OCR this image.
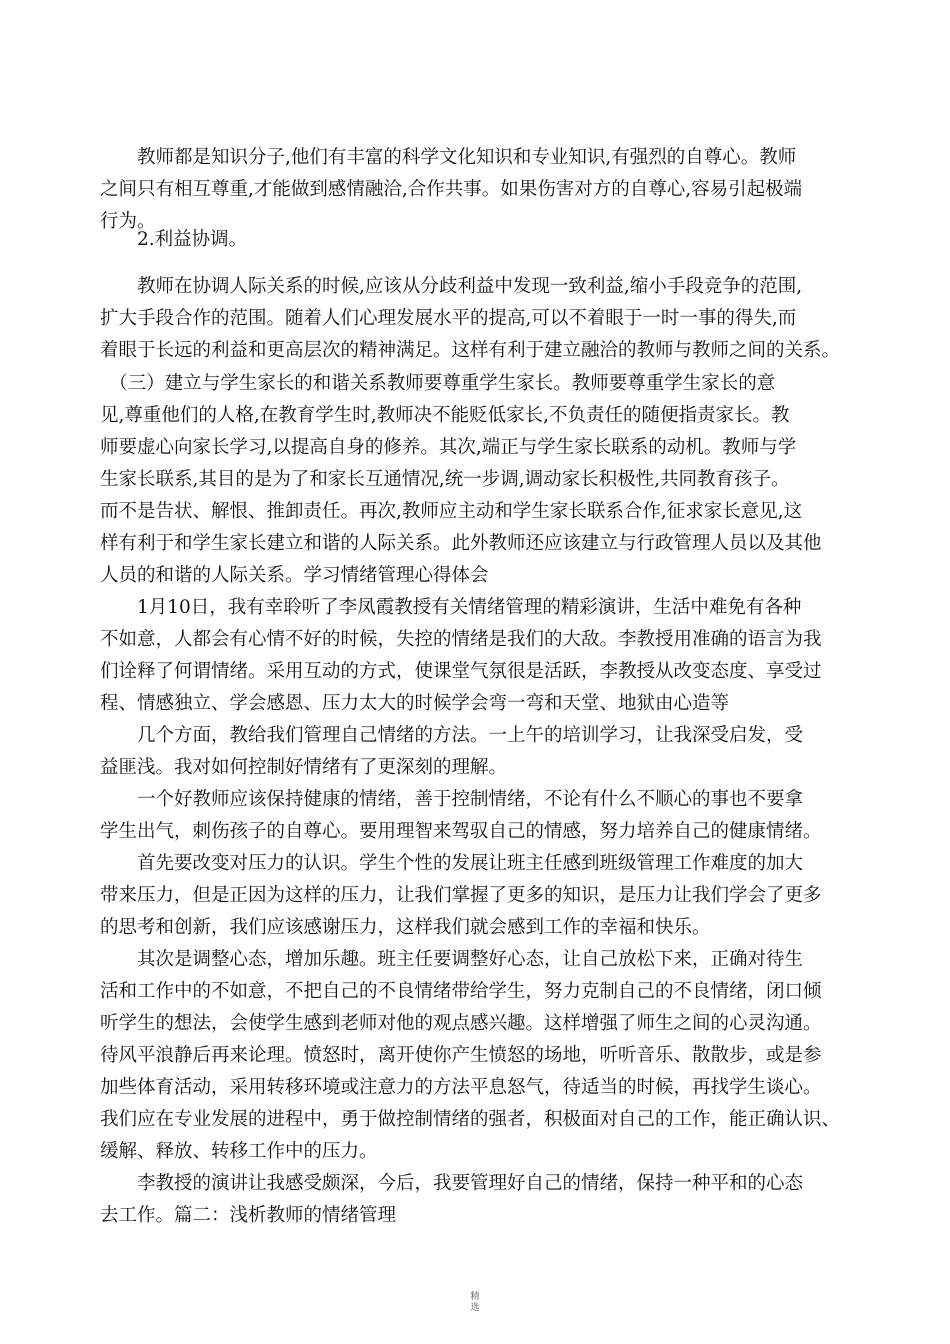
　　教师都是知识分子,他们有丰富的科学文化知识和专业知识,有强烈的自尊心。教师
之间只有相互尊重,才能做到感情融洽,合作共事。如果伤害对方的自尊心,容易引起极端
行为。
　　2.利益协调。
　　教师在协调人际关系的时候,应该从分歧利益中发现一致利益,缩小手段竞争的范围,
扩大手段合作的范围。随着人们心理发展水平的提高,可以不着眼于一时一事的得失,而
着眼于长远的利益和更高层次的精神满足。这样有利于建立融洽的教师与教师之间的关系。
　（三）建立与学生家长的和谐关系教师要尊重学生家长。教师要尊重学生家长的意
见,尊重他们的人格,在教育学生时,教师决不能贬低家长,不负责任的随便指责家长。教
师要虚心向家长学习,以提高自身的修养。其次,端正与学生家长联系的动机。教师与学
生家长联系,其目的是为了和家长互通情况,统一步调,调动家长积极性,共同教育孩子。
而不是告状、解恨、推卸责任。再次,教师应主动和学生家长联系合作,征求家长意见,这
样有利于和学生家长建立和谐的人际关系。此外教师还应该建立与行政管理人员以及其他
人员的和谐的人际关系。学习情绪管理心得体会
　　1月10日，我有幸聆听了李凤霞教授有关情绪管理的精彩演讲，生活中难免有各种
不如意，人都会有心情不好的时候，失控的情绪是我们的大敌。李教授用准确的语言为我
们诠释了何谓情绪。采用互动的方式，使课堂气氛很是活跃，李教授从改变态度、享受过
程、情感独立、学会感恩、压力太大的时候学会弯一弯和天堂、地狱由心造等
　　几个方面，教给我们管理自己情绪的方法。一上午的培训学习，让我深受启发，受
益匪浅。我对如何控制好情绪有了更深刻的理解。
　　一个好教师应该保持健康的情绪，善于控制情绪，不论有什么不顺心的事也不要拿
学生出气，刺伤孩子的自尊心。要用理智来驾驭自己的情感，努力培养自己的健康情绪。
　　首先要改变对压力的认识。学生个性的发展让班主任感到班级管理工作难度的加大
带来压力，但是正因为这样的压力，让我们掌握了更多的知识，是压力让我们学会了更多
的思考和创新，我们应该感谢压力，这样我们就会感到工作的幸福和快乐。
　　其次是调整心态，增加乐趣。班主任要调整好心态，让自己放松下来，正确对待生
活和工作中的不如意，不把自己的不良情绪带给学生，努力克制自己的不良情绪，闭口倾
听学生的想法，会使学生感到老师对他的观点感兴趣。这样增强了师生之间的心灵沟通。
待风平浪静后再来论理。愤怒时，离开使你产生愤怒的场地，听听音乐、散散步，或是参
加些体育活动，采用转移环境或注意力的方法平息怒气，待适当的时候，再找学生谈心。
我们应在专业发展的进程中，勇于做控制情绪的强者，积极面对自己的工作，能正确认识、
缓解、释放、转移工作中的压力。
　　李教授的演讲让我感受颇深，今后，我要管理好自己的情绪，保持一种平和的心态
去工作。篇二：浅析教师的情绪管理
精
选
